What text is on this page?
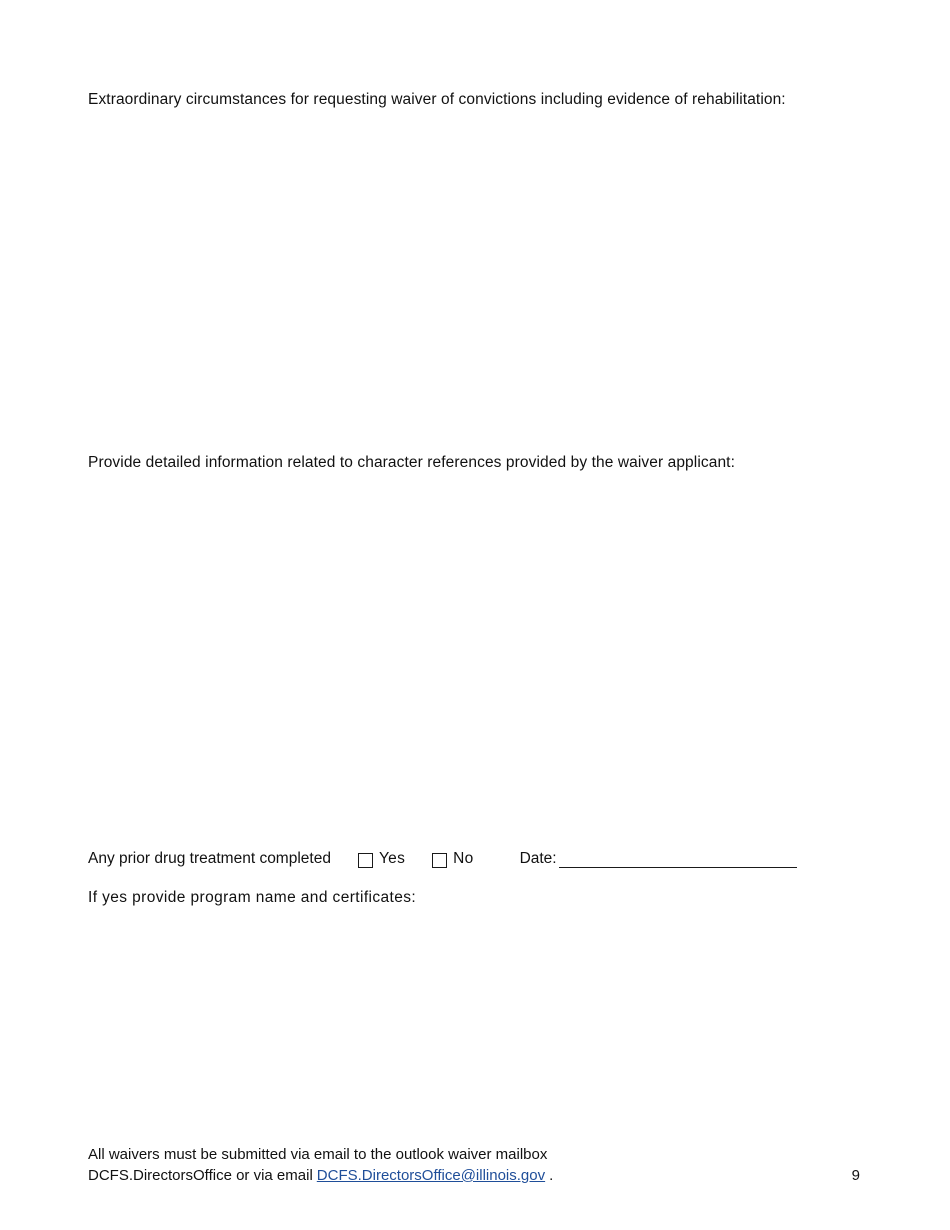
Extraordinary circumstances for requesting waiver of convictions including evidence of rehabilitation:
Provide detailed information related to character references provided by the waiver applicant:
Any prior drug treatment completed	Yes	No	Date:
If yes provide program name and certificates:
All waivers must be submitted via email to the outlook waiver mailbox
DCFS.DirectorsOffice or via email DCFS.DirectorsOffice@illinois.gov .	9
